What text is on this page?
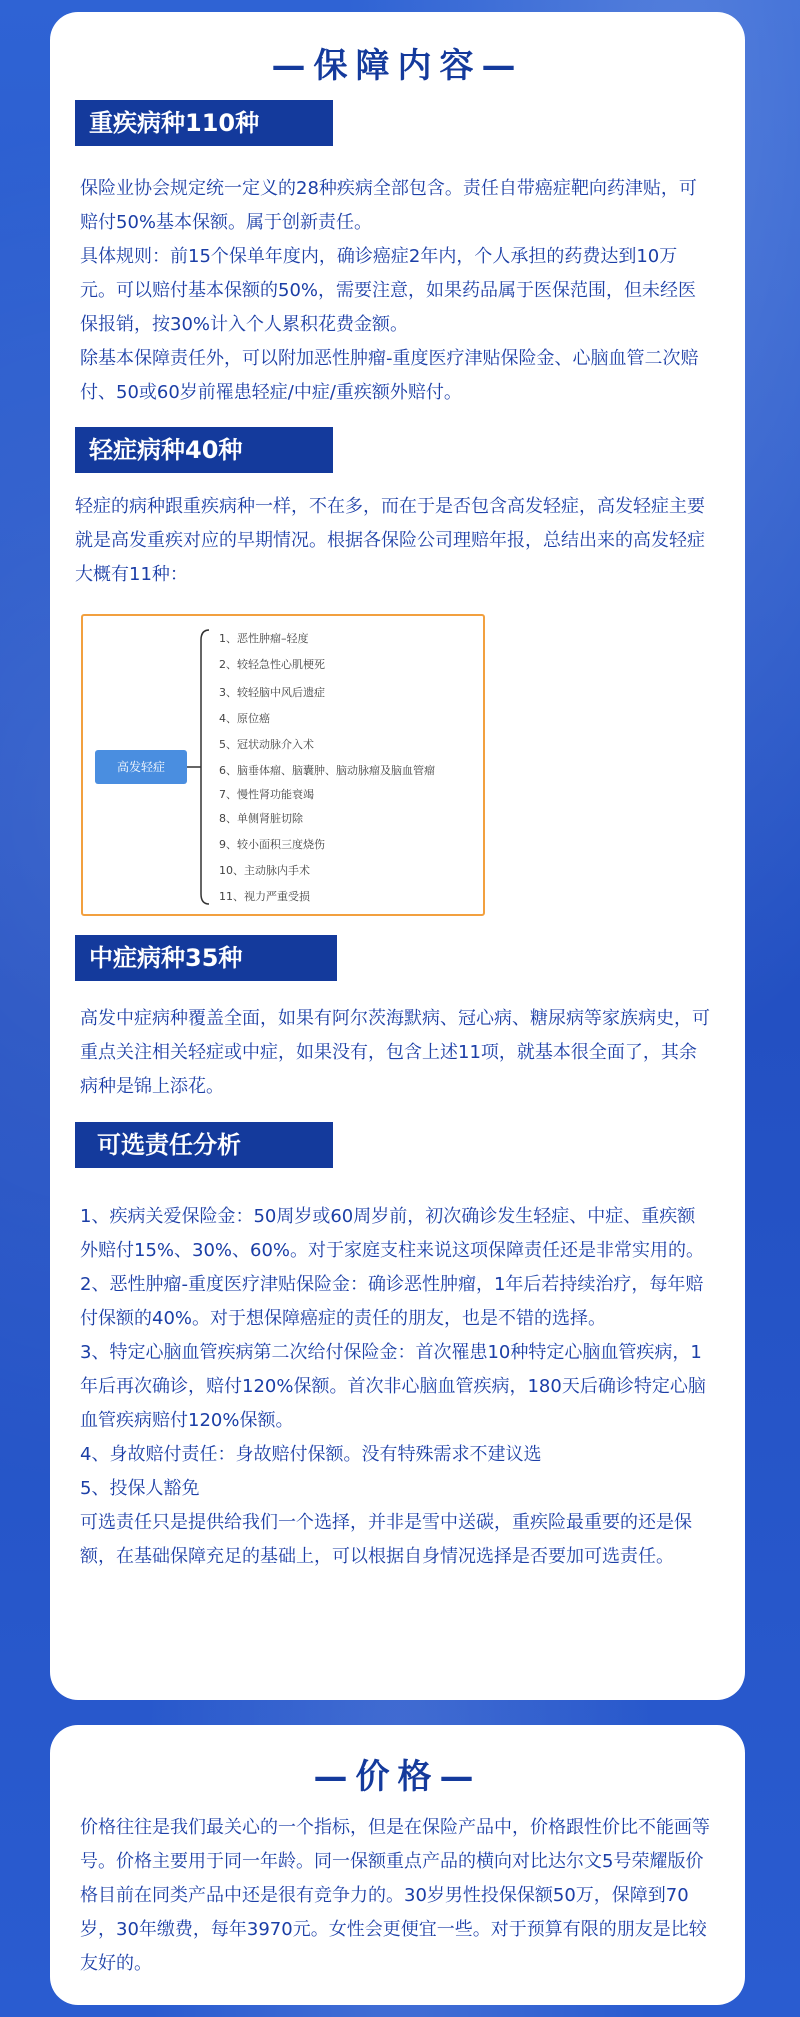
—保障内容—
重疾病种110种

保险业协会规定统一定义的28种疾病全部包含。责任自带癌症靶向药津贴，可赔付50%基本保额。属于创新责任。

具体规则：前15个保单年度内，确诊癌症2年内，个人承担的药费达到10万元。可以赔付基本保额的50%，需要注意，如果药品属于医保范围，但未经医保报销，按30%计入个人累积花费金额。

除基本保障责任外，可以附加恶性肿瘤-重度医疗津贴保险金、心脑血管二次赔付、50或60岁前罹患轻症/中症/重疾额外赔付。

轻症病种40种

轻症的病种跟重疾病种一样，不在多，而在于是否包含高发轻症，高发轻症主要就是高发重疾对应的早期情况。根据各保险公司理赔年报，总结出来的高发轻症大概有11种：

高发轻症
1、恶性肿瘤–轻度
2、较轻急性心肌梗死
3、较轻脑中风后遗症
4、原位癌
5、冠状动脉介入术
6、脑垂体瘤、脑囊肿、脑动脉瘤及脑血管瘤
7、慢性肾功能衰竭
8、单侧肾脏切除
9、较小面积三度烧伤
10、主动脉内手术
11、视力严重受损
中症病种35种

高发中症病种覆盖全面，如果有阿尔茨海默病、冠心病、糖尿病等家族病史，可重点关注相关轻症或中症，如果没有，包含上述11项，就基本很全面了，其余病种是锦上添花。

可选责任分析

1、疾病关爱保险金：50周岁或60周岁前，初次确诊发生轻症、中症、重疾额外赔付15%、30%、60%。对于家庭支柱来说这项保障责任还是非常实用的。

2、恶性肿瘤-重度医疗津贴保险金：确诊恶性肿瘤，1年后若持续治疗，每年赔付保额的40%。对于想保障癌症的责任的朋友，也是不错的选择。

3、特定心脑血管疾病第二次给付保险金：首次罹患10种特定心脑血管疾病，1年后再次确诊，赔付120%保额。首次非心脑血管疾病，180天后确诊特定心脑血管疾病赔付120%保额。

4、身故赔付责任：身故赔付保额。没有特殊需求不建议选

5、投保人豁免

可选责任只是提供给我们一个选择，并非是雪中送碳，重疾险最重要的还是保额，在基础保障充足的基础上，可以根据自身情况选择是否要加可选责任。

—价格—

价格往往是我们最关心的一个指标，但是在保险产品中，价格跟性价比不能画等号。价格主要用于同一年龄。同一保额重点产品的横向对比达尔文5号荣耀版价格目前在同类产品中还是很有竞争力的。30岁男性投保保额50万，保障到70岁，30年缴费，每年3970元。女性会更便宜一些。对于预算有限的朋友是比较友好的。
